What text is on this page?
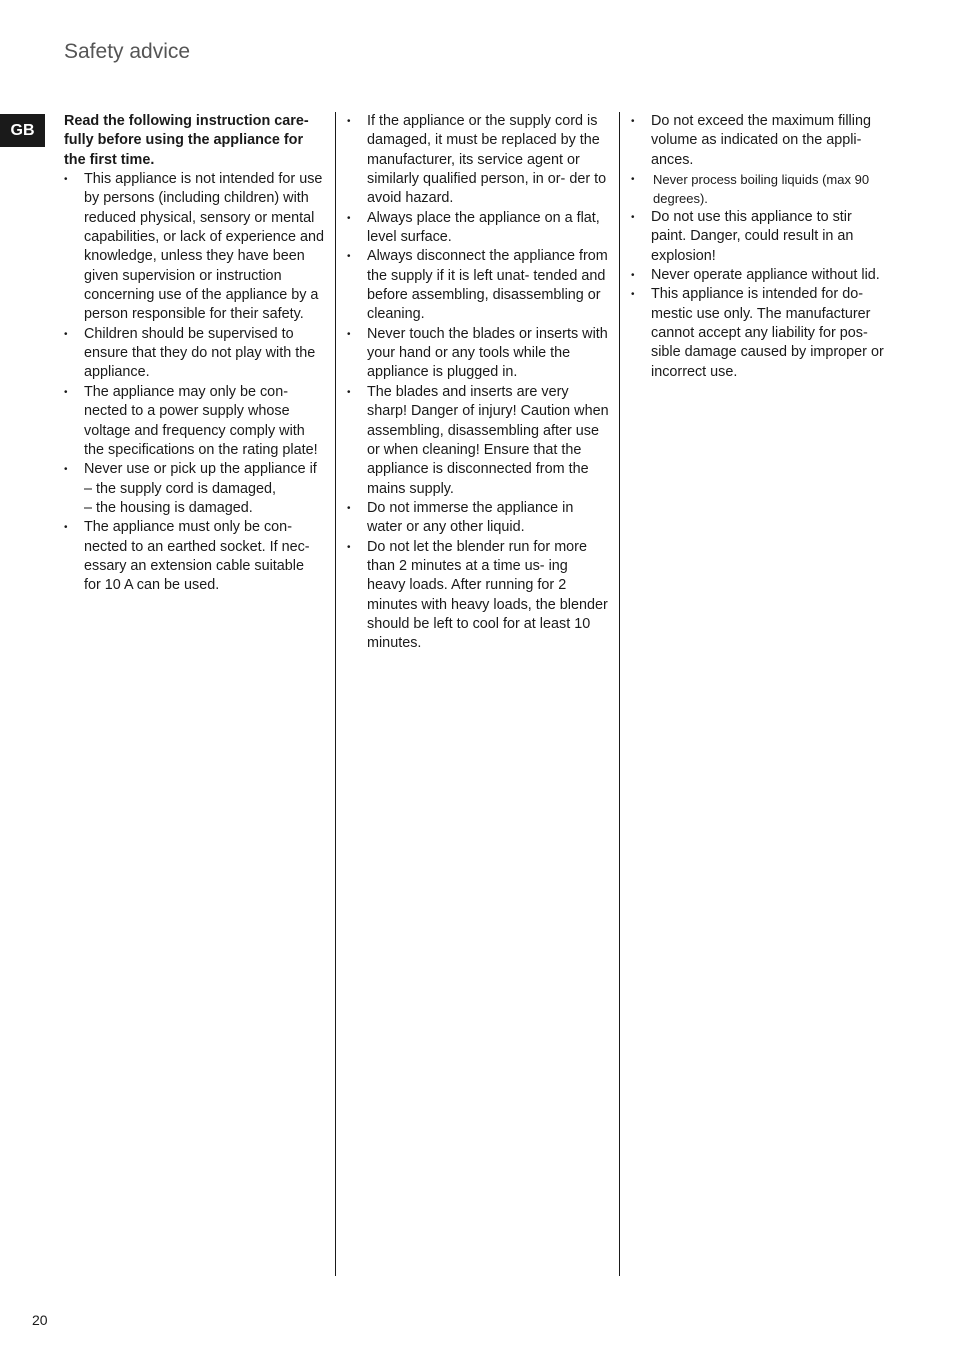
Safety advice
GB

Read the following instruction care- fully before using the appliance for the first time.

•	This appliance is not intended for use by persons (including children) with reduced physical, sensory or mental capabilities, or lack of experience and knowledge, unless they have been given supervision or instruction concerning use of the appliance by a person responsible for their safety.
•	Children should be supervised to ensure that they do not play with the appliance.
•	The appliance may only be con- nected to a power supply whose voltage and frequency comply with the specifications on the rating plate!
•	Never use or pick up the appliance if
– the supply cord is damaged,
– the housing is damaged.
•	The appliance must only be con- nected to an earthed socket. If nec- essary an extension cable suitable for 10 A can be used.
•	If the appliance or the supply cord is damaged, it must be replaced by the manufacturer, its service agent or similarly qualified person, in or- der to avoid hazard.
•	Always place the appliance on a flat, level surface.
•	Always disconnect the appliance from the supply if it is left unat- tended and before assembling, disassembling or cleaning.
•	Never touch the blades or inserts with your hand or any tools while the appliance is plugged in.
•	The blades and inserts are very sharp! Danger of injury! Caution when assembling, disassembling after use or when cleaning! Ensure that the appliance is disconnected from the mains supply.
•	Do not immerse the appliance in water or any other liquid.
•	Do not let the blender run for more than 2 minutes at a time us- ing heavy loads. After running for 2 minutes with heavy loads, the blender should be left to cool for at least 10 minutes.
•	Do not exceed the maximum filling volume as indicated on the appli- ances.
•	Never process boiling liquids (max 90 degrees).
•	Do not use this appliance to stir paint. Danger, could result in an explosion!
•	Never operate appliance without lid.
•	This appliance is intended for do- mestic use only. The manufacturer cannot accept any liability for pos- sible damage caused by improper or incorrect use.
20
